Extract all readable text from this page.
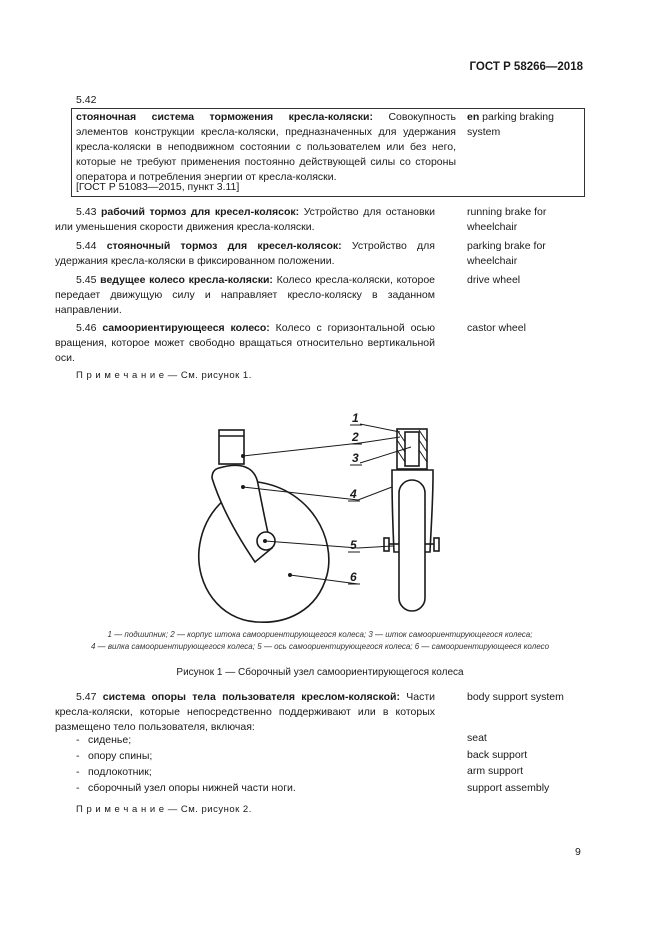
ГОСТ Р 58266—2018
5.42
стояночная система торможения кресла-коляски: Совокупность элементов конструкции кресла-коляски, предназначенных для удержания кресла-коляски в неподвижном состоянии с пользователем или без него, которые не требуют применения постоянно действующей силы со стороны оператора и потребления энергии от кресла-коляски.
[ГОСТ Р 51083—2015, пункт 3.11]
en parking braking system
5.43 рабочий тормоз для кресел-колясок: Устройство для остановки или уменьшения скорости движения кресла-коляски.
running brake for wheelchair
5.44 стояночный тормоз для кресел-колясок: Устройство для удержания кресла-коляски в фиксированном положении.
parking brake for wheelchair
5.45 ведущее колесо кресла-коляски: Колесо кресла-коляски, которое передает движущую силу и направляет кресло-коляску в заданном направлении.
drive wheel
5.46 самоориентирующееся колесо: Колесо с горизонтальной осью вращения, которое может свободно вращаться относительно вертикальной оси.
castor wheel
П р и м е ч а н и е — См. рисунок 1.
1
2
3
4
5
6
1 — подшипник; 2 — корпус штока самоориентирующегося колеса; 3 — шток самоориентирующегося колеса;
4 — вилка самоориентирующегося колеса; 5 — ось самоориентирующегося колеса; 6 — самоориентирующееся колесо
Рисунок 1 — Сборочный узел самоориентирующегося колеса
5.47 система опоры тела пользователя креслом-коляской: Части кресла-коляски, которые непосредственно поддерживают или в которых размещено тело пользователя, включая:
body support system
- сиденье;
- опору спины;
- подлокотник;
- сборочный узел опоры нижней части ноги.
seat
back support
arm support
support assembly
П р и м е ч а н и е — См. рисунок 2.
9
